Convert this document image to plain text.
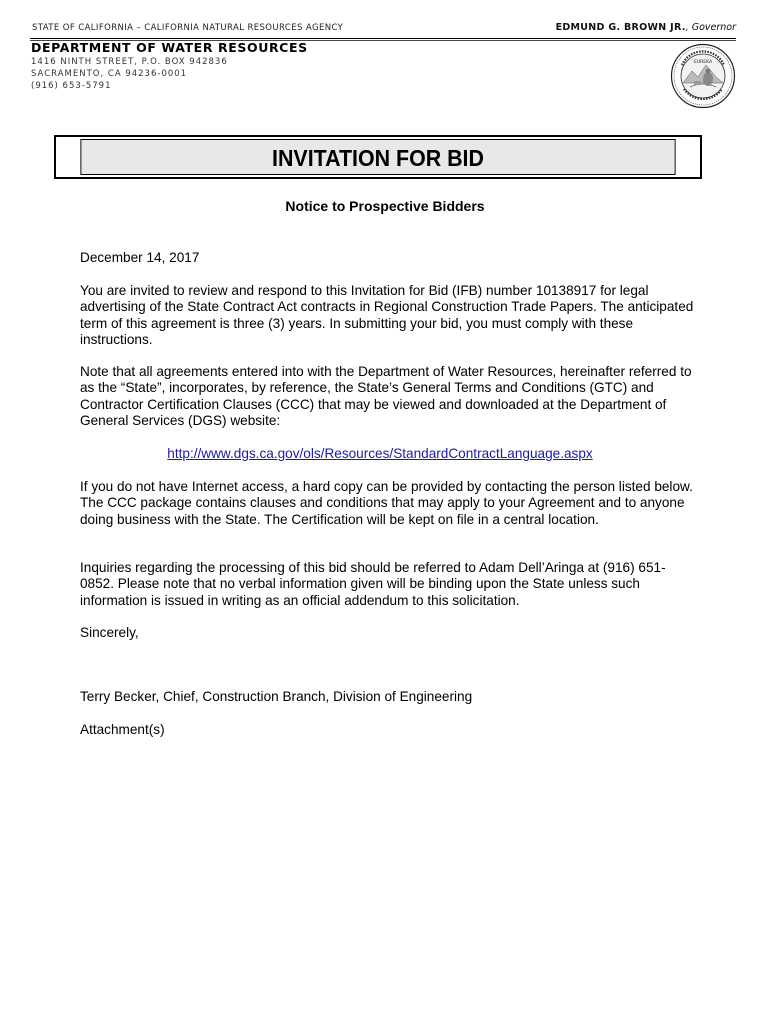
STATE OF CALIFORNIA – CALIFORNIA NATURAL RESOURCES AGENCY	EDMUND G. BROWN JR., Governor
DEPARTMENT OF WATER RESOURCES
1416 NINTH STREET, P.O. BOX 942836
SACRAMENTO, CA 94236-0001
(916) 653-5791
EUREKA
INVITATION FOR BID
Notice to Prospective Bidders
December 14, 2017
You are invited to review and respond to this Invitation for Bid (IFB) number 10138917 for legal advertising of the State Contract Act contracts in Regional Construction Trade Papers. The anticipated term of this agreement is three (3) years. In submitting your bid, you must comply with these instructions.
Note that all agreements entered into with the Department of Water Resources, hereinafter referred to as the “State”, incorporates, by reference, the State’s General Terms and Conditions (GTC) and Contractor Certification Clauses (CCC) that may be viewed and downloaded at the Department of General Services (DGS) website:
http://www.dgs.ca.gov/ols/Resources/StandardContractLanguage.aspx
If you do not have Internet access, a hard copy can be provided by contacting the person listed below. The CCC package contains clauses and conditions that may apply to your Agreement and to anyone doing business with the State. The Certification will be kept on file in a central location.
Inquiries regarding the processing of this bid should be referred to Adam Dell’Aringa at (916) 651-0852. Please note that no verbal information given will be binding upon the State unless such information is issued in writing as an official addendum to this solicitation.
Sincerely,
Terry Becker, Chief, Construction Branch, Division of Engineering
Attachment(s)
